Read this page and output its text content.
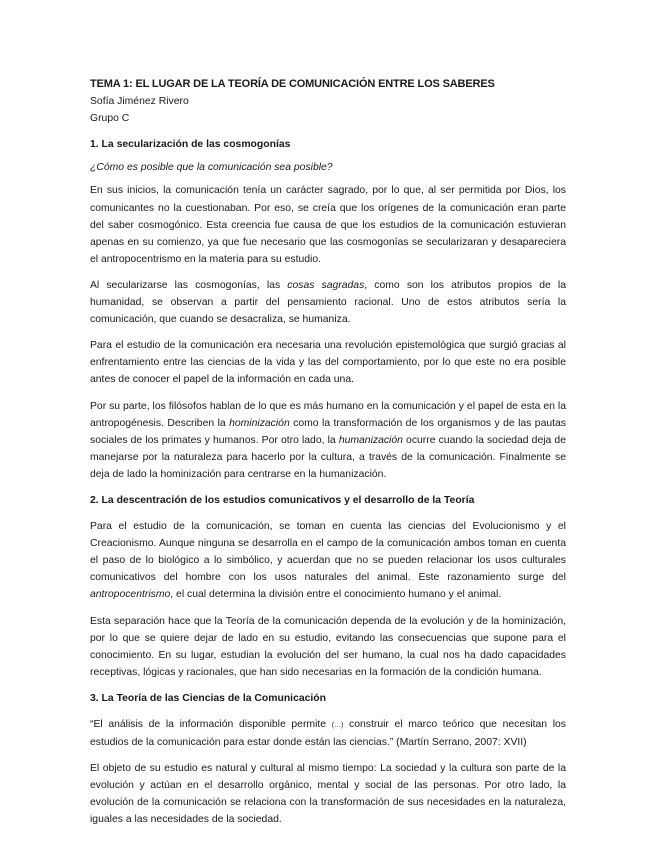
TEMA 1: EL LUGAR DE LA TEORÍA DE COMUNICACIÓN ENTRE LOS SABERES

Sofía Jiménez Rivero

Grupo C

1. La secularización de las cosmogonías

¿Cómo es posible que la comunicación sea posible?

En sus inicios, la comunicación tenía un carácter sagrado, por lo que, al ser permitida por Dios, los comunicantes no la cuestionaban. Por eso, se creía que los orígenes de la comunicación eran parte del saber cosmogónico. Esta creencia fue causa de que los estudios de la comunicación estuvieran apenas en su comienzo, ya que fue necesario que las cosmogonías se secularizaran y desapareciera el antropocentrismo en la materia para su estudio.

Al secularizarse las cosmogonías, las cosas sagradas, como son los atributos propios de la humanidad, se observan a partir del pensamiento racional. Uno de estos atributos sería la comunicación, que cuando se desacraliza, se humaniza.

Para el estudio de la comunicación era necesaria una revolución epistemológica que surgió gracias al enfrentamiento entre las ciencias de la vida y las del comportamiento, por lo que este no era posible antes de conocer el papel de la información en cada una.

Por su parte, los filósofos hablan de lo que es más humano en la comunicación y el papel de esta en la antropogénesis. Describen la hominización como la transformación de los organismos y de las pautas sociales de los primates y humanos. Por otro lado, la humanización ocurre cuando la sociedad deja de manejarse por la naturaleza para hacerlo por la cultura, a través de la comunicación. Finalmente se deja de lado la hominización para centrarse en la humanización.

2. La descentración de los estudios comunicativos y el desarrollo de la Teoría

Para el estudio de la comunicación, se toman en cuenta las ciencias del Evolucionismo y el Creacionismo. Aunque ninguna se desarrolla en el campo de la comunicación ambos toman en cuenta el paso de lo biológico a lo simbólico, y acuerdan que no se pueden relacionar los usos culturales comunicativos del hombre con los usos naturales del animal. Este razonamiento surge del antropocentrismo, el cual determina la división entre el conocimiento humano y el animal.

Esta separación hace que la Teoría de la comunicación dependa de la evolución y de la hominización, por lo que se quiere dejar de lado en su estudio, evitando las consecuencias que supone para el conocimiento. En su lugar, estudian la evolución del ser humano, la cual nos ha dado capacidades receptivas, lógicas y racionales, que han sido necesarias en la formación de la condición humana.

3. La Teoría de las Ciencias de la Comunicación

“El análisis de la información disponible permite (…) construir el marco teórico que necesitan los estudios de la comunicación para estar donde están las ciencias.” (Martín Serrano, 2007: XVII)

El objeto de su estudio es natural y cultural al mismo tiempo: La sociedad y la cultura son parte de la evolución y actúan en el desarrollo orgánico, mental y social de las personas. Por otro lado, la evolución de la comunicación se relaciona con la transformación de sus necesidades en la naturaleza, iguales a las necesidades de la sociedad.
